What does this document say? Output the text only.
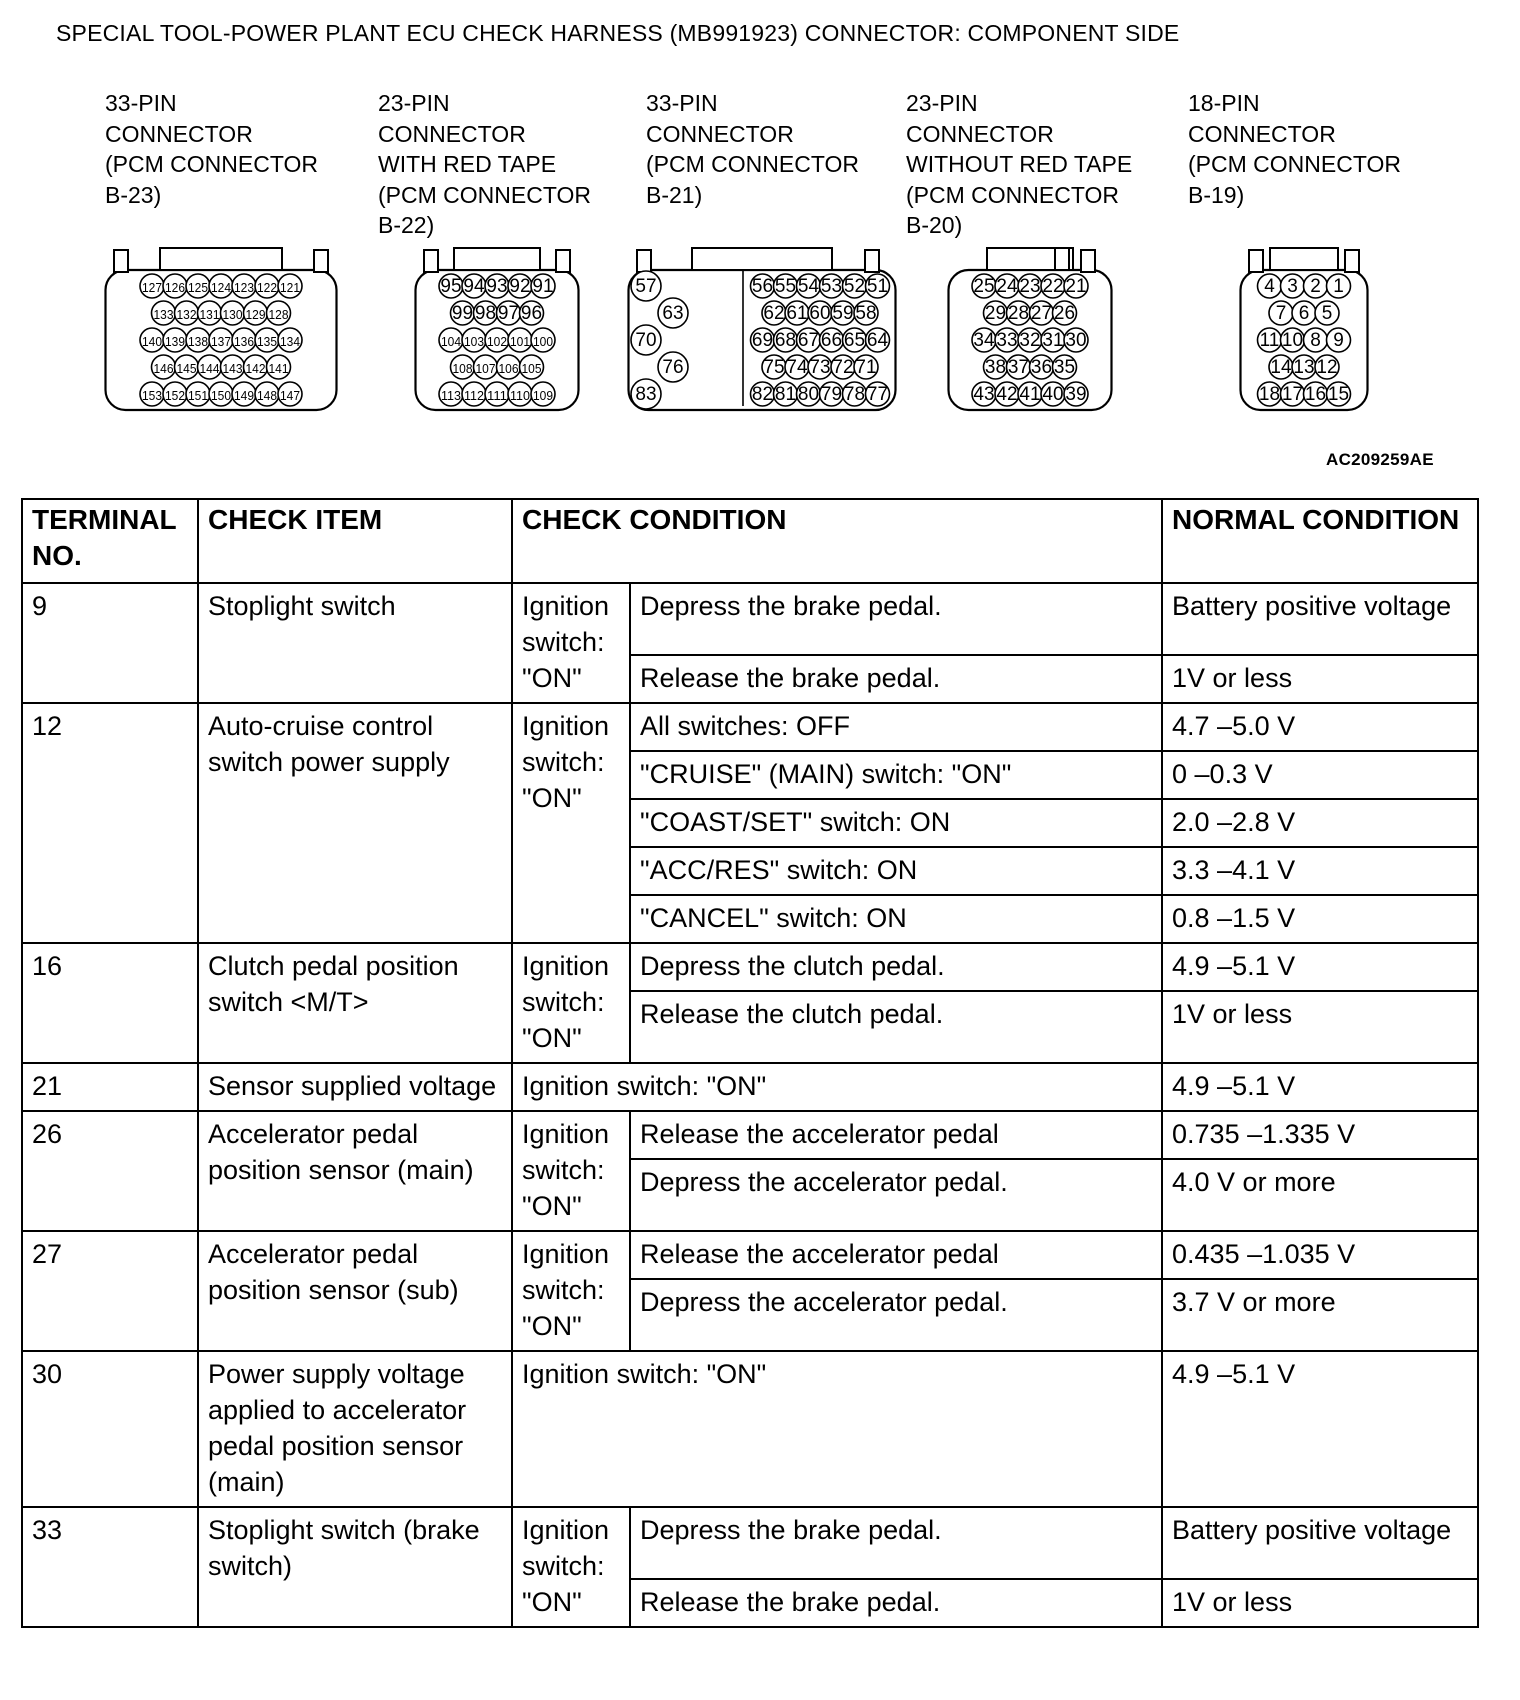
SPECIAL TOOL-POWER PLANT ECU CHECK HARNESS (MB991923) CONNECTOR: COMPONENT SIDE
33-PIN
CONNECTOR
(PCM CONNECTOR
B-23)
23-PIN
CONNECTOR
WITH RED TAPE
(PCM CONNECTOR
B-22)
33-PIN
CONNECTOR
(PCM CONNECTOR
B-21)
23-PIN
CONNECTOR
WITHOUT RED TAPE
(PCM CONNECTOR
B-20)
18-PIN
CONNECTOR
(PCM CONNECTOR
B-19)
127 126 125 124 123 122 121
133 132 131 130 129 128
140 139 138 137 136 135 134
146 145 144 143 142 141
153 152 151 150 149 148 147
95 94 93 92 91
99 98 97 96
104 103 102 101 100
108 107 106 105
113 112 111 110 109
56 55 54 53 52 51
62 61 60 59 58
69 68 67 66 65 64
75 74 73 72 71
82 81 80 79 78 77
57
63
70
76
83
25 24 23 22 21
29 28 27 26
34 33 32 31 30
38 37 36 35
43 42 41 40 39
4 3 2 1
7 6 5
11 10 8 9
14 13 12
18 17 16 15
AC209259AE
TERMINAL NO.	CHECK ITEM	CHECK CONDITION		NORMAL CONDITION
9	Stoplight switch	Ignition switch: "ON"	Depress the brake pedal.	Battery positive voltage
			Release the brake pedal.	1V or less
12	Auto-cruise control switch power supply	Ignition switch: "ON"	All switches: OFF	4.7 –5.0 V
			"CRUISE" (MAIN) switch: "ON"	0 –0.3 V
			"COAST/SET" switch: ON	2.0 –2.8 V
			"ACC/RES" switch: ON	3.3 –4.1 V
			"CANCEL" switch: ON	0.8 –1.5 V
16	Clutch pedal position switch <M/T>	Ignition switch: "ON"	Depress the clutch pedal.	4.9 –5.1 V
			Release the clutch pedal.	1V or less
21	Sensor supplied voltage	Ignition switch: "ON"		4.9 –5.1 V
26	Accelerator pedal position sensor (main)	Ignition switch: "ON"	Release the accelerator pedal	0.735 –1.335 V
			Depress the accelerator pedal.	4.0 V or more
27	Accelerator pedal position sensor (sub)	Ignition switch: "ON"	Release the accelerator pedal	0.435 –1.035 V
			Depress the accelerator pedal.	3.7 V or more
30	Power supply voltage applied to accelerator pedal position sensor (main)	Ignition switch: "ON"		4.9 –5.1 V
33	Stoplight switch (brake switch)	Ignition switch: "ON"	Depress the brake pedal.	Battery positive voltage
			Release the brake pedal.	1V or less
